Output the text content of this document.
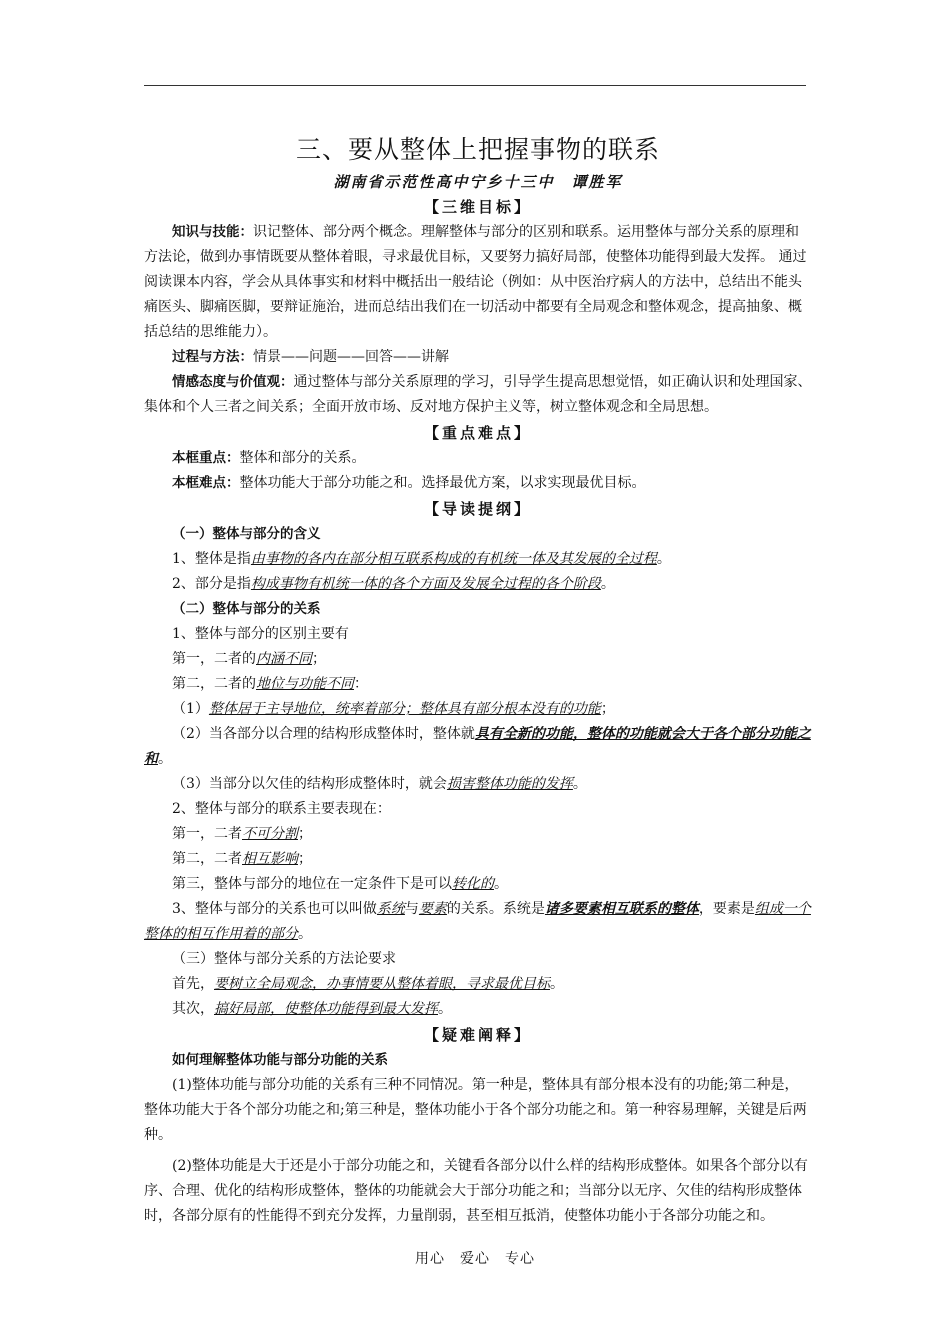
三、要从整体上把握事物的联系
湖南省示范性高中宁乡十三中　谭胜军
【三维目标】

知识与技能：识记整体、部分两个概念。理解整体与部分的区别和联系。运用整体与部分关系的原理和方法论，做到办事情既要从整体着眼，寻求最优目标，又要努力搞好局部，使整体功能得到最大发挥。 通过阅读课本内容，学会从具体事实和材料中概括出一般结论（例如：从中医治疗病人的方法中，总结出不能头痛医头、脚痛医脚，要辩证施治，进而总结出我们在一切活动中都要有全局观念和整体观念，提高抽象、概括总结的思维能力）。

过程与方法：情景——问题——回答——讲解

情感态度与价值观：通过整体与部分关系原理的学习，引导学生提高思想觉悟，如正确认识和处理国家、集体和个人三者之间关系；全面开放市场、反对地方保护主义等，树立整体观念和全局思想。

【重点难点】

本框重点：整体和部分的关系。

本框难点：整体功能大于部分功能之和。选择最优方案，以求实现最优目标。

【导读提纲】

（一）整体与部分的含义

1、整体是指由事物的各内在部分相互联系构成的有机统一体及其发展的全过程。

2、部分是指构成事物有机统一体的各个方面及发展全过程的各个阶段。

（二）整体与部分的关系

1、整体与部分的区别主要有

第一，二者的内涵不同；

第二，二者的地位与功能不同：

（1）整体居于主导地位，统率着部分；整体具有部分根本没有的功能；

（2）当各部分以合理的结构形成整体时，整体就具有全新的功能，整体的功能就会大于各个部分功能之和。

（3）当部分以欠佳的结构形成整体时，就会损害整体功能的发挥。

2、整体与部分的联系主要表现在：

第一，二者不可分割；

第二，二者相互影响；

第三，整体与部分的地位在一定条件下是可以转化的。

3、整体与部分的关系也可以叫做系统与要素的关系。系统是诸多要素相互联系的整体，要素是组成一个整体的相互作用着的部分。

（三）整体与部分关系的方法论要求

首先，要树立全局观念，办事情要从整体着眼，寻求最优目标。

其次，搞好局部，使整体功能得到最大发挥。

【疑难阐释】

如何理解整体功能与部分功能的关系

(1)整体功能与部分功能的关系有三种不同情况。第一种是，整体具有部分根本没有的功能;第二种是，整体功能大于各个部分功能之和;第三种是，整体功能小于各个部分功能之和。第一种容易理解，关键是后两种。

(2)整体功能是大于还是小于部分功能之和，关键看各部分以什么样的结构形成整体。如果各个部分以有序、合理、优化的结构形成整体，整体的功能就会大于部分功能之和；当部分以无序、欠佳的结构形成整体时，各部分原有的性能得不到充分发挥，力量削弱，甚至相互抵消，使整体功能小于各部分功能之和。

用心　爱心　专心
